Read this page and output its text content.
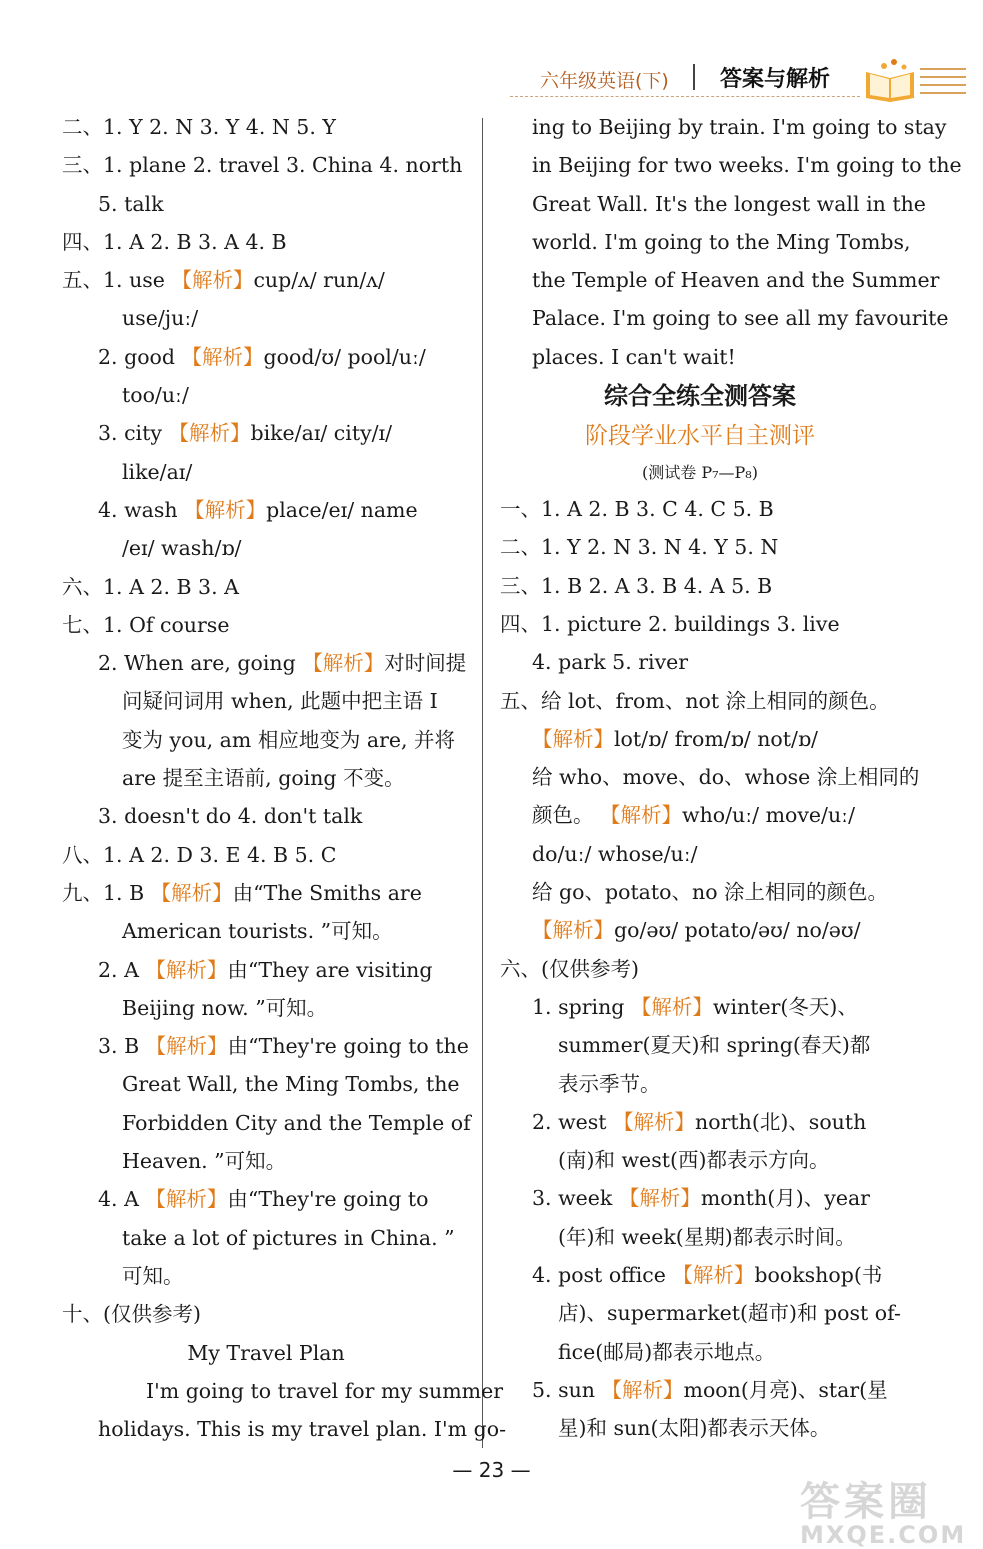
六年级英语(下) 答案与解析
二、1. Y 2. N 3. Y 4. N 5. Y
三、1. plane 2. travel 3. China 4. north
5. talk
四、1. A 2. B 3. A 4. B
五、1. use 【解析】cup/ʌ/ run/ʌ/
use/juː/
2. good 【解析】good/ʊ/ pool/uː/
too/uː/
3. city 【解析】bike/aɪ/ city/ɪ/
like/aɪ/
4. wash 【解析】place/eɪ/ name
/eɪ/ wash/ɒ/
六、1. A 2. B 3. A
七、1. Of course
2. When are, going 【解析】对时间提
问疑问词用 when, 此题中把主语 I
变为 you, am 相应地变为 are, 并将
are 提至主语前, going 不变。
3. doesn't do 4. don't talk
八、1. A 2. D 3. E 4. B 5. C
九、1. B 【解析】由“The Smiths are
American tourists. ”可知。
2. A 【解析】由“They are visiting
Beijing now. ”可知。
3. B 【解析】由“They're going to the
Great Wall, the Ming Tombs, the
Forbidden City and the Temple of
Heaven. ”可知。
4. A 【解析】由“They're going to
take a lot of pictures in China. ”
可知。
十、(仅供参考)
My Travel Plan
I'm going to travel for my summer
holidays. This is my travel plan. I'm go-
ing to Beijing by train. I'm going to stay
in Beijing for two weeks. I'm going to the
Great Wall. It's the longest wall in the
world. I'm going to the Ming Tombs,
the Temple of Heaven and the Summer
Palace. I'm going to see all my favourite
places. I can't wait!
综合全练全测答案
阶段学业水平自主测评
(测试卷 P₇—P₈)
一、1. A 2. B 3. C 4. C 5. B
二、1. Y 2. N 3. N 4. Y 5. N
三、1. B 2. A 3. B 4. A 5. B
四、1. picture 2. buildings 3. live
4. park 5. river
五、给 lot、from、not 涂上相同的颜色。
【解析】lot/ɒ/ from/ɒ/ not/ɒ/
给 who、move、do、whose 涂上相同的
颜色。 【解析】who/uː/ move/uː/
do/uː/ whose/uː/
给 go、potato、no 涂上相同的颜色。
【解析】go/əʊ/ potato/əʊ/ no/əʊ/
六、(仅供参考)
1. spring 【解析】winter(冬天)、
summer(夏天)和 spring(春天)都
表示季节。
2. west 【解析】north(北)、south
(南)和 west(西)都表示方向。
3. week 【解析】month(月)、year
(年)和 week(星期)都表示时间。
4. post office 【解析】bookshop(书
店)、supermarket(超市)和 post of-
fice(邮局)都表示地点。
5. sun 【解析】moon(月亮)、star(星
星)和 sun(太阳)都表示天体。
— 23 —
答案圈
MXQE.COM
